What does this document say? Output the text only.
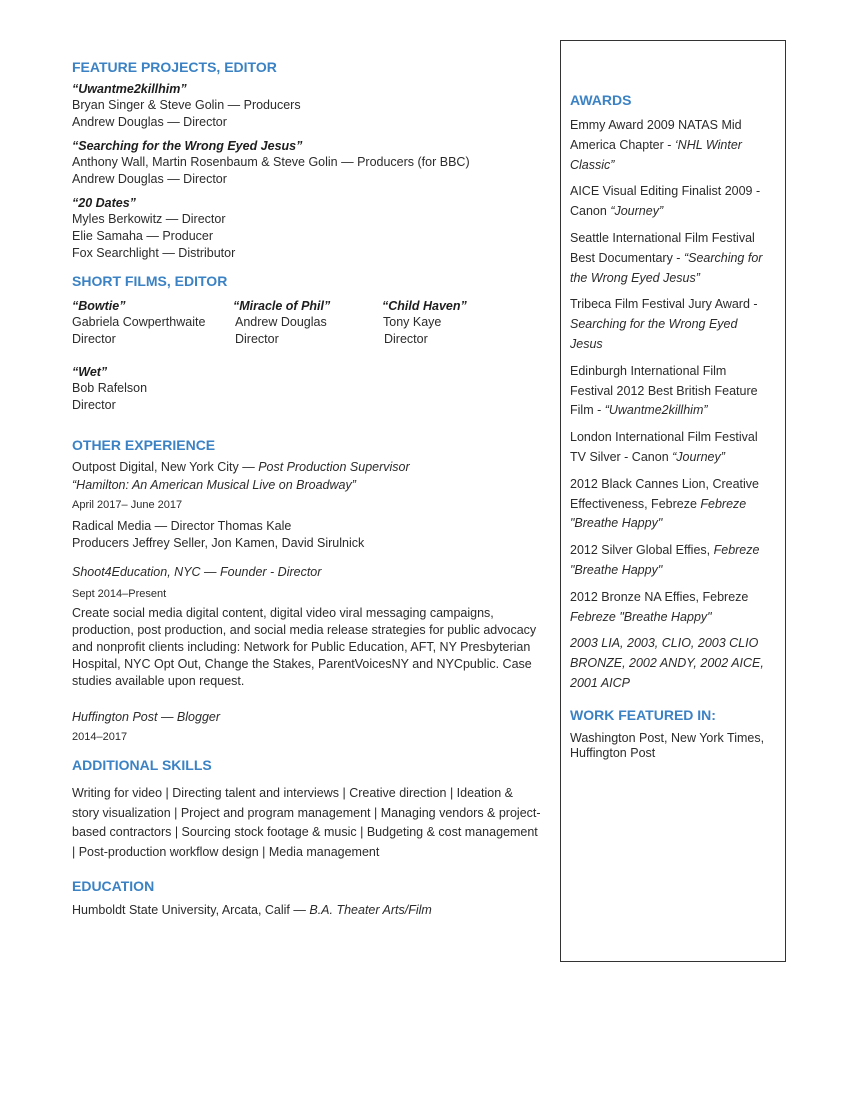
FEATURE PROJECTS, EDITOR
“Uwantme2killhim”
Bryan Singer & Steve Golin — Producers
Andrew Douglas — Director
“Searching for the Wrong Eyed Jesus”
Anthony Wall, Martin Rosenbaum & Steve Golin — Producers (for BBC)
Andrew Douglas — Director
“20 Dates”
Myles Berkowitz — Director
Elie Samaha — Producer
Fox Searchlight — Distributor
SHORT FILMS, EDITOR
“Bowtie”
Gabriela Cowperthwaite
Director
“Miracle of Phil”
Andrew Douglas
Director
“Child Haven”
Tony Kaye
Director
“Wet”
Bob Rafelson
Director
OTHER EXPERIENCE
Outpost Digital, New York City — Post Production Supervisor
“Hamilton: An American Musical Live on Broadway”
April 2017– June 2017
Radical Media — Director Thomas Kale
Producers Jeffrey Seller, Jon Kamen, David Sirulnick
Shoot4Education, NYC — Founder - Director
Sept 2014–Present
Create social media digital content, digital video viral messaging campaigns, production, post production, and social media release strategies for public advocacy and nonprofit clients including: Network for Public Education, AFT, NY Presbyterian Hospital, NYC Opt Out, Change the Stakes, ParentVoicesNY and NYCpublic. Case studies available upon request.
Huffington Post — Blogger
2014–2017
ADDITIONAL SKILLS
Writing for video | Directing talent and interviews | Creative direction | Ideation & story visualization | Project and program management | Managing vendors & project-based contractors | Sourcing stock footage & music | Budgeting & cost management | Post-production workflow design | Media management
EDUCATION
Humboldt State University, Arcata, Calif — B.A. Theater Arts/Film
AWARDS
Emmy Award 2009 NATAS Mid America Chapter - ‘NHL Winter Classic”
AICE Visual Editing Finalist 2009 - Canon “Journey”
Seattle International Film Festival Best Documentary - “Searching for the Wrong Eyed Jesus”
Tribeca Film Festival Jury Award - Searching for the Wrong Eyed Jesus
Edinburgh International Film Festival 2012 Best British Feature Film - “Uwantme2killhim”
London International Film Festival TV Silver - Canon “Journey”
2012 Black Cannes Lion, Creative Effectiveness, Febreze Febreze "Breathe Happy"
2012 Silver Global Effies, Febreze "Breathe Happy"
2012 Bronze NA Effies, Febreze Febreze "Breathe Happy"
2003 LIA, 2003, CLIO, 2003 CLIO BRONZE, 2002 ANDY, 2002 AICE, 2001 AICP
WORK FEATURED IN:
Washington Post, New York Times, Huffington Post
